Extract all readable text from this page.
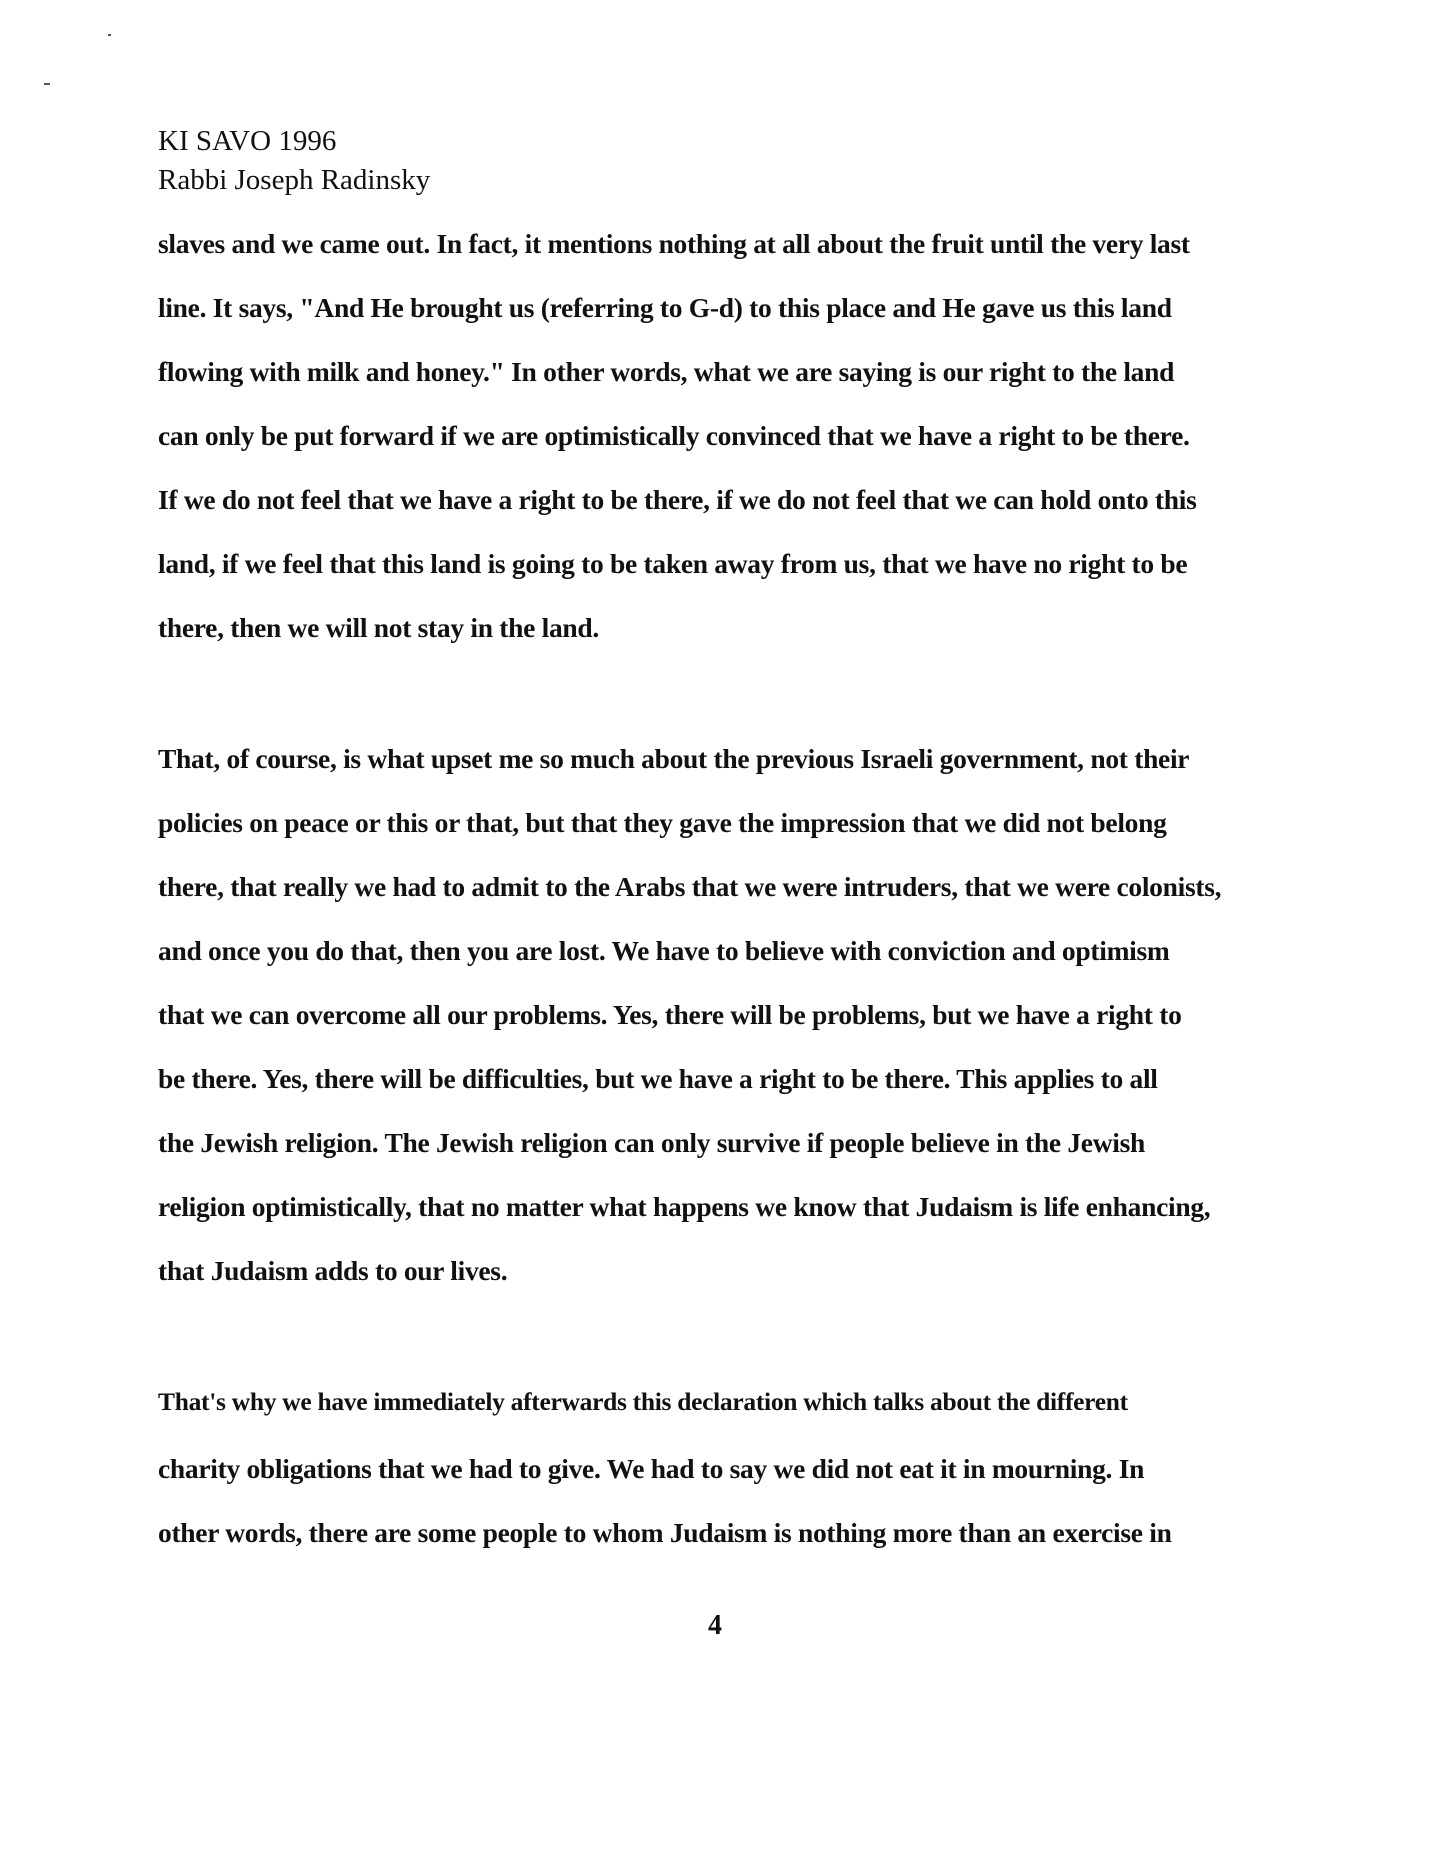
KI SAVO 1996
Rabbi Joseph Radinsky
slaves and we came out. In fact, it mentions nothing at all about the fruit until the very last
line. It says, "And He brought us (referring to G-d) to this place and He gave us this land
flowing with milk and honey." In other words, what we are saying is our right to the land
can only be put forward if we are optimistically convinced that we have a right to be there.
If we do not feel that we have a right to be there, if we do not feel that we can hold onto this
land, if we feel that this land is going to be taken away from us, that we have no right to be
there, then we will not stay in the land.
That, of course, is what upset me so much about the previous Israeli government, not their
policies on peace or this or that, but that they gave the impression that we did not belong
there, that really we had to admit to the Arabs that we were intruders, that we were colonists,
and once you do that, then you are lost. We have to believe with conviction and optimism
that we can overcome all our problems. Yes, there will be problems, but we have a right to
be there. Yes, there will be difficulties, but we have a right to be there. This applies to all
the Jewish religion. The Jewish religion can only survive if people believe in the Jewish
religion optimistically, that no matter what happens we know that Judaism is life enhancing,
that Judaism adds to our lives.
That's why we have immediately afterwards this declaration which talks about the different
charity obligations that we had to give. We had to say we did not eat it in mourning. In
other words, there are some people to whom Judaism is nothing more than an exercise in
4
